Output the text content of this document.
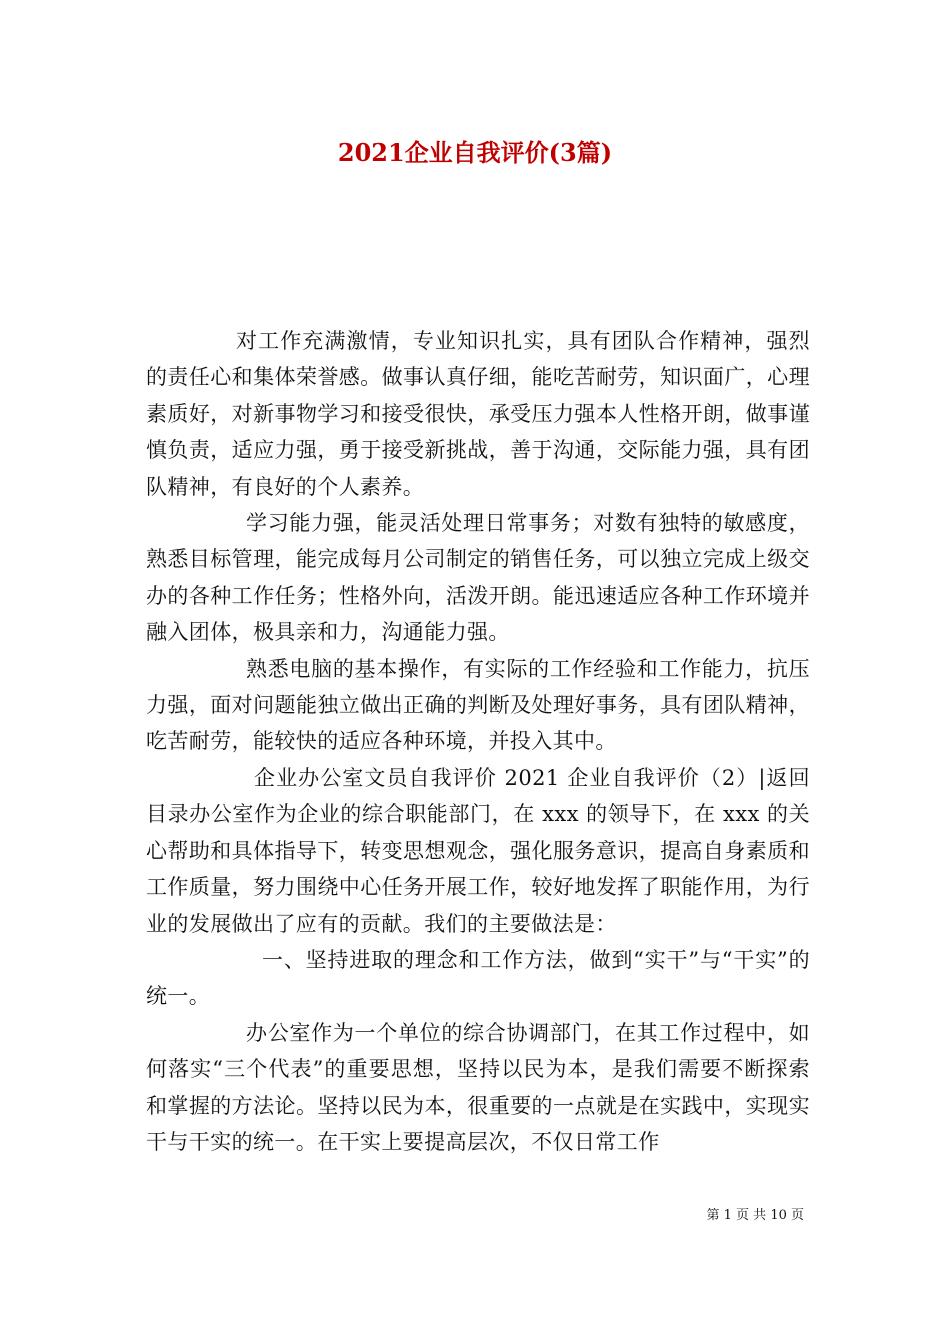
2021企业自我评价(3篇)

对工作充满激情，专业知识扎实，具有团队合作精神，强烈的责任心和集体荣誉感。做事认真仔细，能吃苦耐劳，知识面广，心理素质好，对新事物学习和接受很快，承受压力强本人性格开朗，做事谨慎负责，适应力强，勇于接受新挑战，善于沟通，交际能力强，具有团队精神，有良好的个人素养。

学习能力强，能灵活处理日常事务；对数有独特的敏感度，熟悉目标管理，能完成每月公司制定的销售任务，可以独立完成上级交办的各种工作任务；性格外向，活泼开朗。能迅速适应各种工作环境并融入团体，极具亲和力，沟通能力强。

熟悉电脑的基本操作，有实际的工作经验和工作能力，抗压力强，面对问题能独立做出正确的判断及处理好事务，具有团队精神，吃苦耐劳，能较快的适应各种环境，并投入其中。

企业办公室文员自我评价 2021 企业自我评价（2）|返回目录办公室作为企业的综合职能部门，在 xxx 的领导下，在 xxx 的关心帮助和具体指导下，转变思想观念，强化服务意识，提高自身素质和工作质量，努力围绕中心任务开展工作，较好地发挥了职能作用，为行业的发展做出了应有的贡献。我们的主要做法是：

一、坚持进取的理念和工作方法，做到“实干”与“干实”的统一。

办公室作为一个单位的综合协调部门，在其工作过程中，如何落实“三个代表”的重要思想，坚持以民为本，是我们需要不断探索和掌握的方法论。坚持以民为本，很重要的一点就是在实践中，实现实干与干实的统一。在干实上要提高层次，不仅日常工作

第 1 页 共 10 页
